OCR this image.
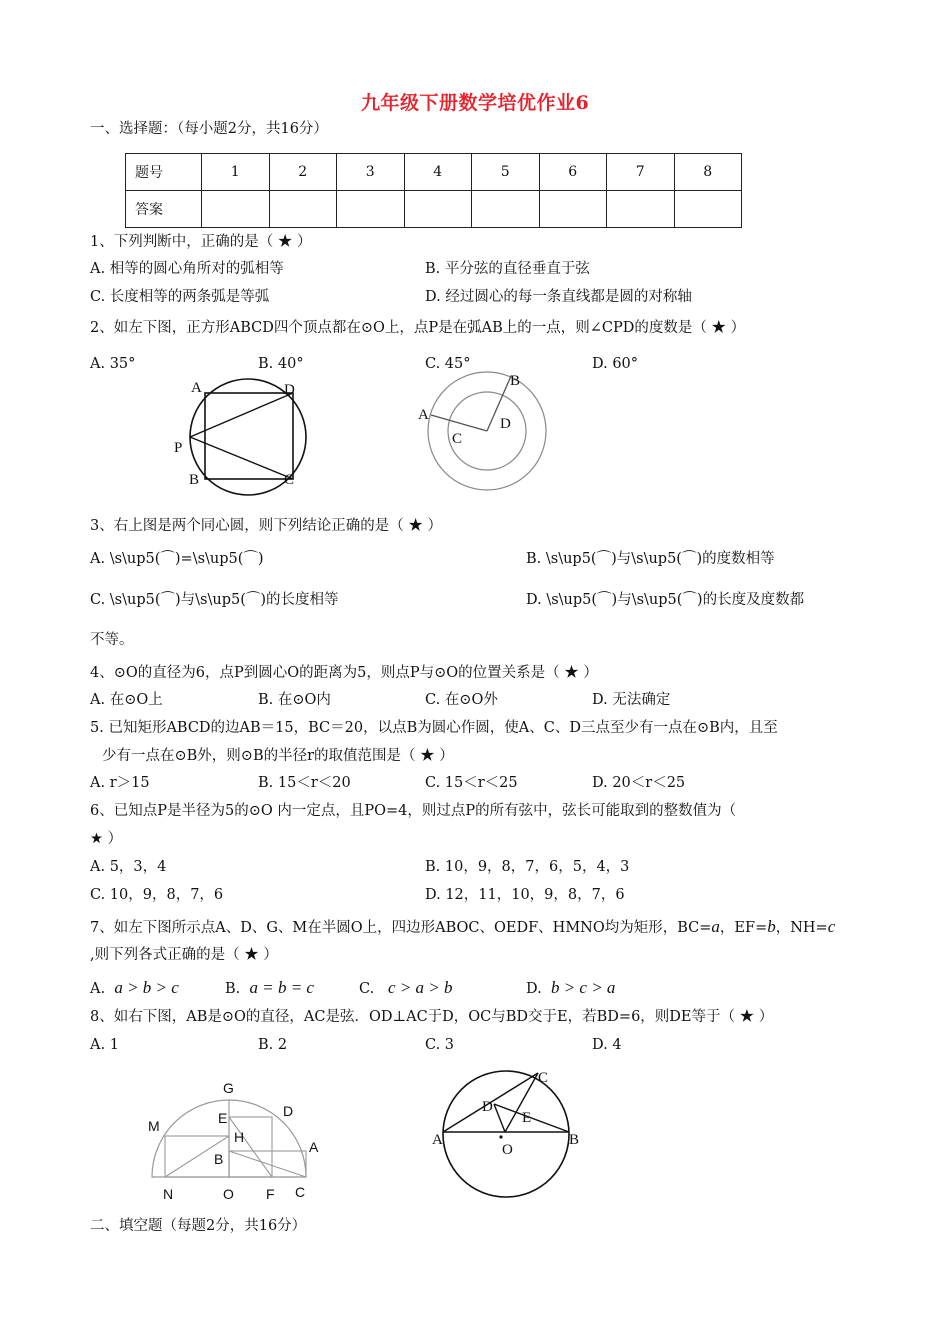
九年级下册数学培优作业6
一、选择题：（每小题2分，共16分）
题号	1	2	3	4	5	6	7	8
答案								
1、下列判断中，正确的是（ ★ ）
A. 相等的圆心角所对的弧相等	B. 平分弦的直径垂直于弦
C. 长度相等的两条弧是等弧	D. 经过圆心的每一条直线都是圆的对称轴
2、如左下图，正方形ABCD四个顶点都在⊙O上，点P是在弧AB上的一点，则∠CPD的度数是（ ★ ）
A. 35°	B. 40°	C. 45°	D. 60°
A	D
P
B	C
B
A
D
C
3、右上图是两个同心圆，则下列结论正确的是（ ★ ）
A. \s\up5(⌒)=\s\up5(⌒)	B. \s\up5(⌒)与\s\up5(⌒)的度数相等
C. \s\up5(⌒)与\s\up5(⌒)的长度相等	D. \s\up5(⌒)与\s\up5(⌒)的长度及度数都
不等。
4、⊙O的直径为6，点P到圆心O的距离为5，则点P与⊙O的位置关系是（ ★ ）
A. 在⊙O上	B. 在⊙O内	C. 在⊙O外	D. 无法确定
5. 已知矩形ABCD的边AB＝15，BC＝20，以点B为圆心作圆，使A、C、D三点至少有一点在⊙B内，且至
少有一点在⊙B外，则⊙B的半径r的取值范围是（ ★ ）
A. r＞15	B. 15＜r＜20	C. 15＜r＜25	D. 20＜r＜25
6、已知点P是半径为5的⊙O 内一定点，且PO=4，则过点P的所有弦中，弦长可能取到的整数值为（
★ ）
A. 5，3，4	B. 10，9，8，7，6，5，4，3
C. 10，9，8，7，6	D. 12，11，10，9，8，7，6
7、如左下图所示点A、D、G、M在半圆O上，四边形ABOC、OEDF、HMNO均为矩形，BC=a，EF=b，NH=c
,则下列各式正确的是（ ★ ）
A. a > b > c	B. a = b = c	C. c > a > b	D. b > c > a
8、如右下图，AB是⊙O的直径，AC是弦．OD⊥AC于D，OC与BD交于E，若BD=6，则DE等于（ ★ ）
A. 1	B. 2	C. 3	D. 4
G
E	D
M
H
A
B
N	O F C
C
D
E
A
O
B
二、填空题（每题2分，共16分）
